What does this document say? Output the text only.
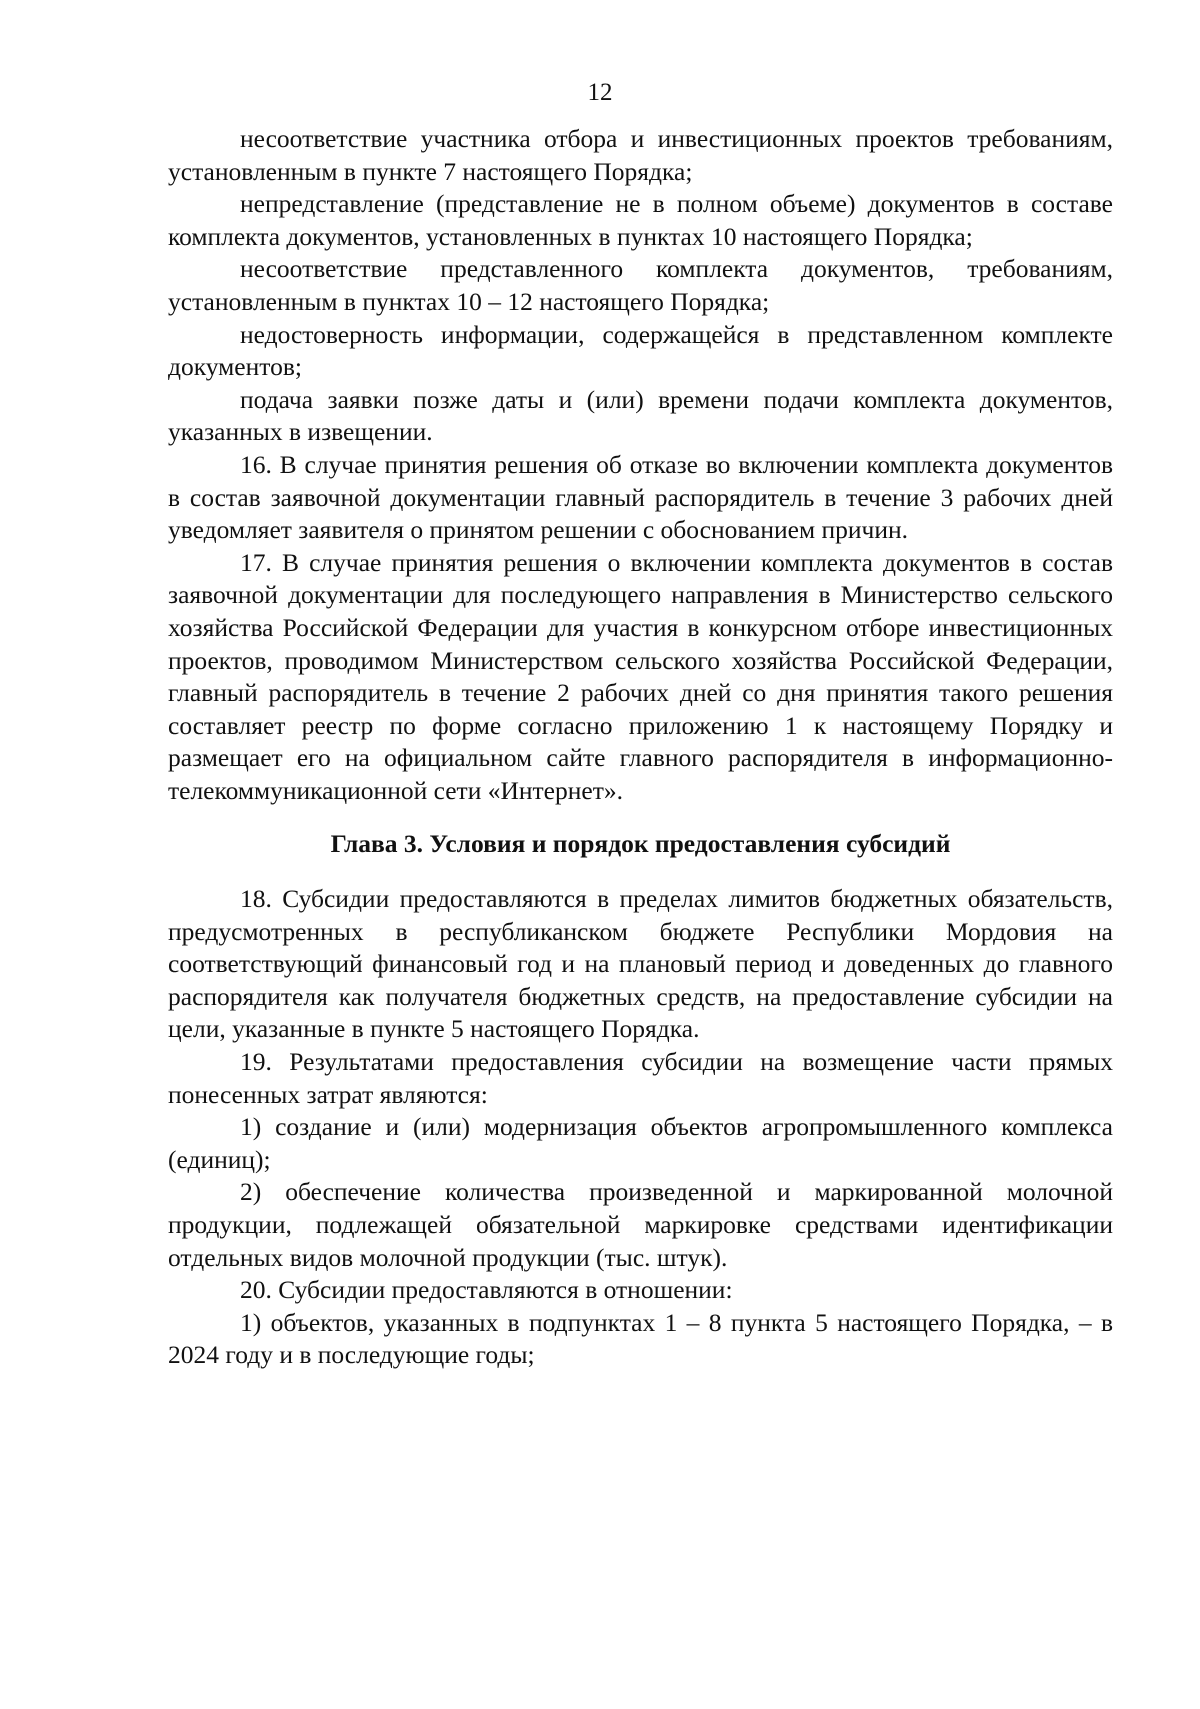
12

несоответствие участника отбора и инвестиционных проектов требованиям, установленным в пункте 7 настоящего Порядка;

непредставление (представление не в полном объеме) документов в составе комплекта документов, установленных в пунктах 10 настоящего Порядка;

несоответствие представленного комплекта документов, требованиям, установленным в пунктах 10 – 12 настоящего Порядка;

недостоверность информации, содержащейся в представленном комплекте документов;

подача заявки позже даты и (или) времени подачи комплекта документов, указанных в извещении.

16. В случае принятия решения об отказе во включении комплекта документов в состав заявочной документации главный распорядитель в течение 3 рабочих дней уведомляет заявителя о принятом решении с обоснованием причин.

17. В случае принятия решения о включении комплекта документов в состав заявочной документации для последующего направления в Министерство сельского хозяйства Российской Федерации для участия в конкурсном отборе инвестиционных проектов, проводимом Министерством сельского хозяйства Российской Федерации, главный распорядитель в течение 2 рабочих дней со дня принятия такого решения составляет реестр по форме согласно приложению 1 к настоящему Порядку и размещает его на официальном сайте главного распорядителя в информационно-телекоммуникационной сети «Интернет».

Глава 3. Условия и порядок предоставления субсидий

18. Субсидии предоставляются в пределах лимитов бюджетных обязательств, предусмотренных в республиканском бюджете Республики Мордовия на соответствующий финансовый год и на плановый период и доведенных до главного распорядителя как получателя бюджетных средств, на предоставление субсидии на цели, указанные в пункте 5 настоящего Порядка.

19. Результатами предоставления субсидии на возмещение части прямых понесенных затрат являются:

1) создание и (или) модернизация объектов агропромышленного комплекса (единиц);

2) обеспечение количества произведенной и маркированной молочной продукции, подлежащей обязательной маркировке средствами идентификации отдельных видов молочной продукции (тыс. штук).

20. Субсидии предоставляются в отношении:

1) объектов, указанных в подпунктах 1 – 8 пункта 5 настоящего Порядка, – в 2024 году и в последующие годы;
